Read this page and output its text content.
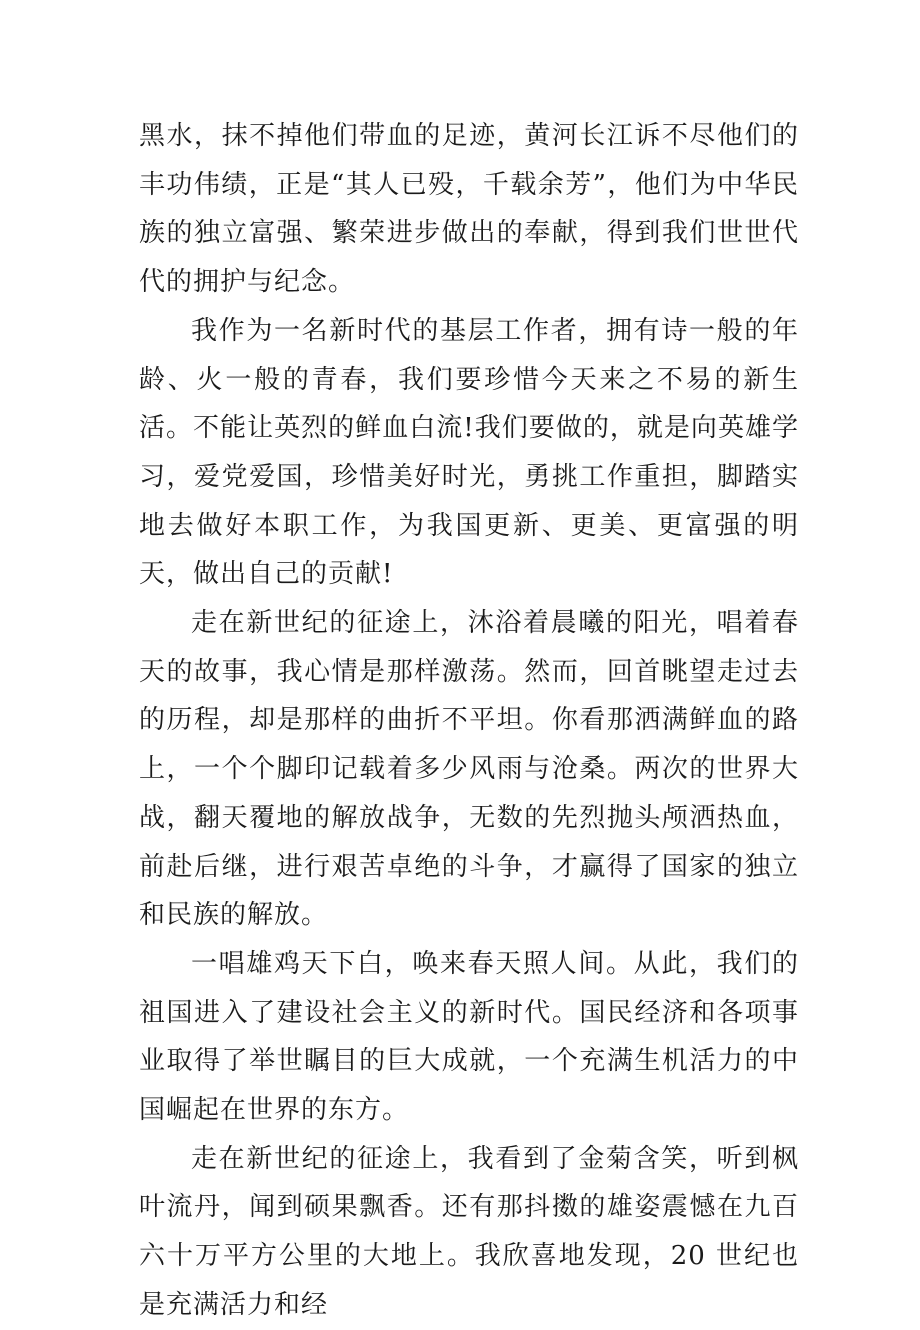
黑水，抹不掉他们带血的足迹，黄河长江诉不尽他们的丰功伟绩，正是“其人已殁，千载余芳”，他们为中华民族的独立富强、繁荣进步做出的奉献，得到我们世世代代的拥护与纪念。

我作为一名新时代的基层工作者，拥有诗一般的年龄、火一般的青春，我们要珍惜今天来之不易的新生活。不能让英烈的鲜血白流!我们要做的，就是向英雄学习，爱党爱国，珍惜美好时光，勇挑工作重担，脚踏实地去做好本职工作，为我国更新、更美、更富强的明天，做出自己的贡献!

走在新世纪的征途上，沐浴着晨曦的阳光，唱着春天的故事，我心情是那样激荡。然而，回首眺望走过去的历程，却是那样的曲折不平坦。你看那洒满鲜血的路上，一个个脚印记载着多少风雨与沧桑。两次的世界大战，翻天覆地的解放战争，无数的先烈抛头颅洒热血，前赴后继，进行艰苦卓绝的斗争，才赢得了国家的独立和民族的解放。

一唱雄鸡天下白，唤来春天照人间。从此，我们的祖国进入了建设社会主义的新时代。国民经济和各项事业取得了举世瞩目的巨大成就，一个充满生机活力的中国崛起在世界的东方。

走在新世纪的征途上，我看到了金菊含笑，听到枫叶流丹，闻到硕果飘香。还有那抖擞的雄姿震憾在九百六十万平方公里的大地上。我欣喜地发现，20 世纪也是充满活力和经
